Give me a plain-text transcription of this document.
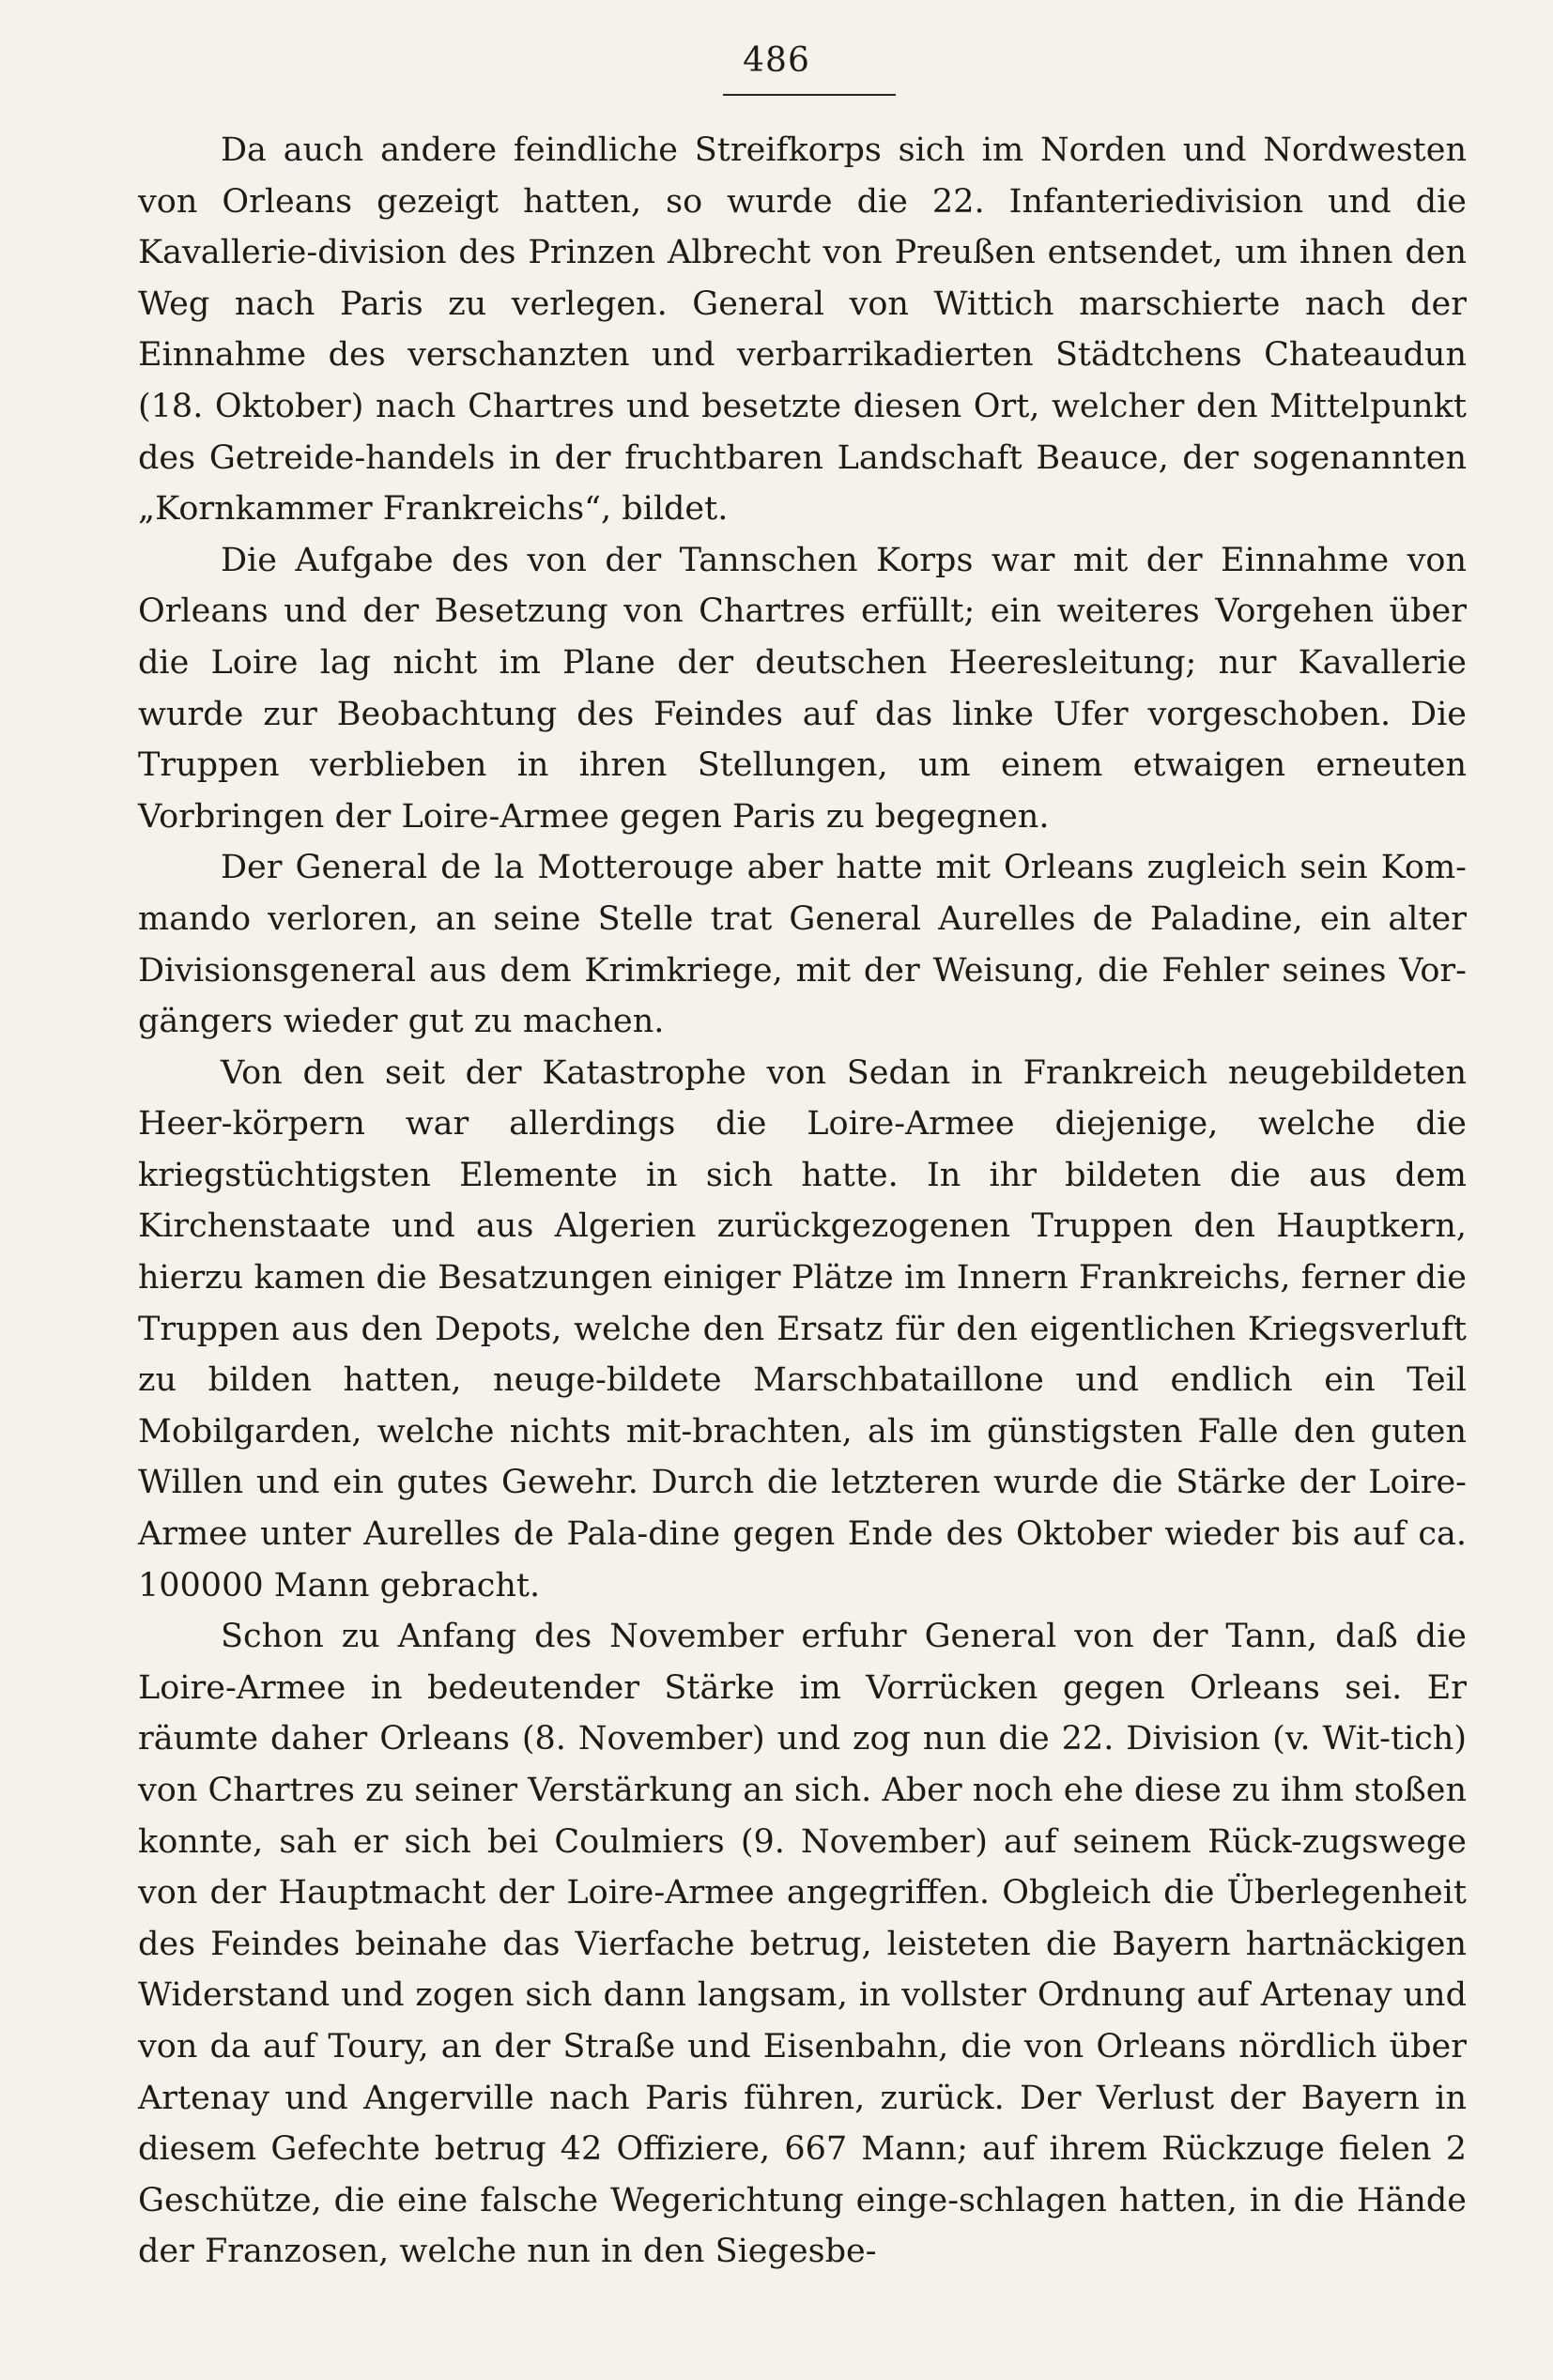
486

Da auch andere feindliche Streifkorps sich im Norden und Nordwesten von Orleans gezeigt hatten, so wurde die 22. Infanteriedivision und die Kavallerie-division des Prinzen Albrecht von Preußen entsendet, um ihnen den Weg nach Paris zu verlegen. General von Wittich marschierte nach der Einnahme des verschanzten und verbarrikadierten Städtchens Chateaudun (18. Oktober) nach Chartres und besetzte diesen Ort, welcher den Mittelpunkt des Getreide-handels in der fruchtbaren Landschaft Beauce, der sogenannten „Kornkammer Frankreichs“, bildet.

Die Aufgabe des von der Tannschen Korps war mit der Einnahme von Orleans und der Besetzung von Chartres erfüllt; ein weiteres Vorgehen über die Loire lag nicht im Plane der deutschen Heeresleitung; nur Kavallerie wurde zur Beobachtung des Feindes auf das linke Ufer vorgeschoben. Die Truppen verblieben in ihren Stellungen, um einem etwaigen erneuten Vorbringen der Loire-Armee gegen Paris zu begegnen.

Der General de la Motterouge aber hatte mit Orleans zugleich sein Kom-mando verloren, an seine Stelle trat General Aurelles de Paladine, ein alter Divisionsgeneral aus dem Krimkriege, mit der Weisung, die Fehler seines Vor-gängers wieder gut zu machen.

Von den seit der Katastrophe von Sedan in Frankreich neugebildeten Heer-körpern war allerdings die Loire-Armee diejenige, welche die kriegstüchtigsten Elemente in sich hatte. In ihr bildeten die aus dem Kirchenstaate und aus Algerien zurückgezogenen Truppen den Hauptkern, hierzu kamen die Besatzungen einiger Plätze im Innern Frankreichs, ferner die Truppen aus den Depots, welche den Ersatz für den eigentlichen Kriegsverluft zu bilden hatten, neuge-bildete Marschbataillone und endlich ein Teil Mobilgarden, welche nichts mit-brachten, als im günstigsten Falle den guten Willen und ein gutes Gewehr. Durch die letzteren wurde die Stärke der Loire-Armee unter Aurelles de Pala-dine gegen Ende des Oktober wieder bis auf ca. 100000 Mann gebracht.

Schon zu Anfang des November erfuhr General von der Tann, daß die Loire-Armee in bedeutender Stärke im Vorrücken gegen Orleans sei. Er räumte daher Orleans (8. November) und zog nun die 22. Division (v. Wit-tich) von Chartres zu seiner Verstärkung an sich. Aber noch ehe diese zu ihm stoßen konnte, sah er sich bei Coulmiers (9. November) auf seinem Rück-zugswege von der Hauptmacht der Loire-Armee angegriffen. Obgleich die Überlegenheit des Feindes beinahe das Vierfache betrug, leisteten die Bayern hartnäckigen Widerstand und zogen sich dann langsam, in vollster Ordnung auf Artenay und von da auf Toury, an der Straße und Eisenbahn, die von Orleans nördlich über Artenay und Angerville nach Paris führen, zurück. Der Verlust der Bayern in diesem Gefechte betrug 42 Offiziere, 667 Mann; auf ihrem Rückzuge fielen 2 Geschütze, die eine falsche Wegerichtung einge-schlagen hatten, in die Hände der Franzosen, welche nun in den Siegesbe-
